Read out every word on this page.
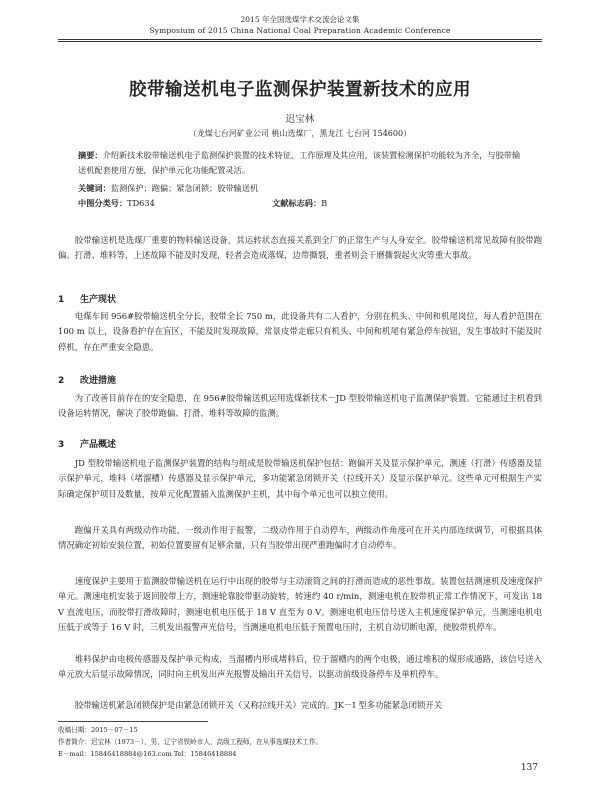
2015 年全国选煤学术交流会论文集
Symposium of 2015 China National Coal Preparation Academic Conference
胶带输送机电子监测保护装置新技术的应用
迟宝林
（龙煤七台河矿业公司 桃山选煤厂，黑龙江 七台河 154600）
摘要：介绍新技术胶带输送机电子监测保护装置的技术特征、工作原理及其应用，该装置检测保护功能较为齐全，与胶带输送机配套使用方便，保护单元化功能配置灵活。
关键词：监测保护；跑偏；紧急闭锁；胶带输送机
中图分类号：TD634	文献标志码：B
胶带输送机是选煤厂重要的物料输送设备，其运转状态直接关系到全厂的正常生产与人身安全。胶带输送机常见故障有胶带跑偏、打滑、堆料等，上述故障不能及时发现，轻者会造成落煤，边带撕裂，重者则会干磨撕裂起火灾等重大事故。
1 生产现状
电煤车间 956#胶带输送机全分长，胶带全长 750 m，此设备共有二人看护，分别在机头、中间和机尾岗位，每人看护范围在 100 m 以上，设备看护存在盲区，不能及时发现故障，常景皮带走廊只有机头、中间和机尾有紧急停车按钮，发生事故时不能及时停机，存在严重安全隐患。
2 改进措施
为了改善目前存在的安全隐患，在 956#胶带输送机运用选煤新技术－JD 型胶带输送机电子监测保护装置。它能通过主机看到设备运转情况，解决了胶带跑偏、打滑、堆料等故障的监测。
3 产品概述
JD 型胶带输送机电子监测保护装置的结构与组成是胶带输送机保护包括：跑偏开关及显示保护单元，测速（打滑）传感器及显示保护单元，堆料（堵溜槽）传感器及显示保护单元，多功能紧急闭锁开关（拉线开关）及显示保护单元。这些单元可根据生产实际确定保护项目及数量，按单元化配置插入监测保护主机，其中每个单元也可以独立使用。
跑偏开关具有两级动作功能，一级动作用于报警，二级动作用于自动停车，两级动作角度可在开关内部连续调节，可根据具体情况确定初始安装位置，初始位置要留有足够余量，只有当胶带出现严重跑偏时才自动停车。
速度保护主要用于监测胶带输送机在运行中出现的胶带与主动滚筒之间的打滑而造成的恶性事故。装置包括测速机及速度保护单元。测速电机安装于返回胶带上方，测速轮靠胶带驱动旋转，转速约 40 r/min，测速电机在胶带机正常工作情况下，可发出 18 V 直流电压，而胶带打滑故障时，测速电机电压低于 18 V 直至为 0 V。测速电机电压信号送入主机速度保护单元，当测速电机电压低于或等于 16 V 时，三机发出报警声光信号，当测速电机电压低于预置电压时，主机自动切断电源，使胶带机停车。
堆料保护由电极传感器及保护单元构成，当溜槽内形成堵料后，位于溜槽内的两个电极，通过堆积的煤形成通路，该信号送入单元放大后显示故障情况，同时向主机发出声光报警及输出开关信号，以驱动前级设备停车及单机停车。
胶带输送机紧急闭锁保护是由紧急闭锁开关（又称拉线开关）完成的。JK－I 型多功能紧急闭锁开关
收稿日期：2015－07－15
作者简介：迟宝林（1973－），男，辽宁省铁岭市人，高级工程师，在从事选煤技术工作。
E－mail：15846418884@163.com Tel：15846418884
137
